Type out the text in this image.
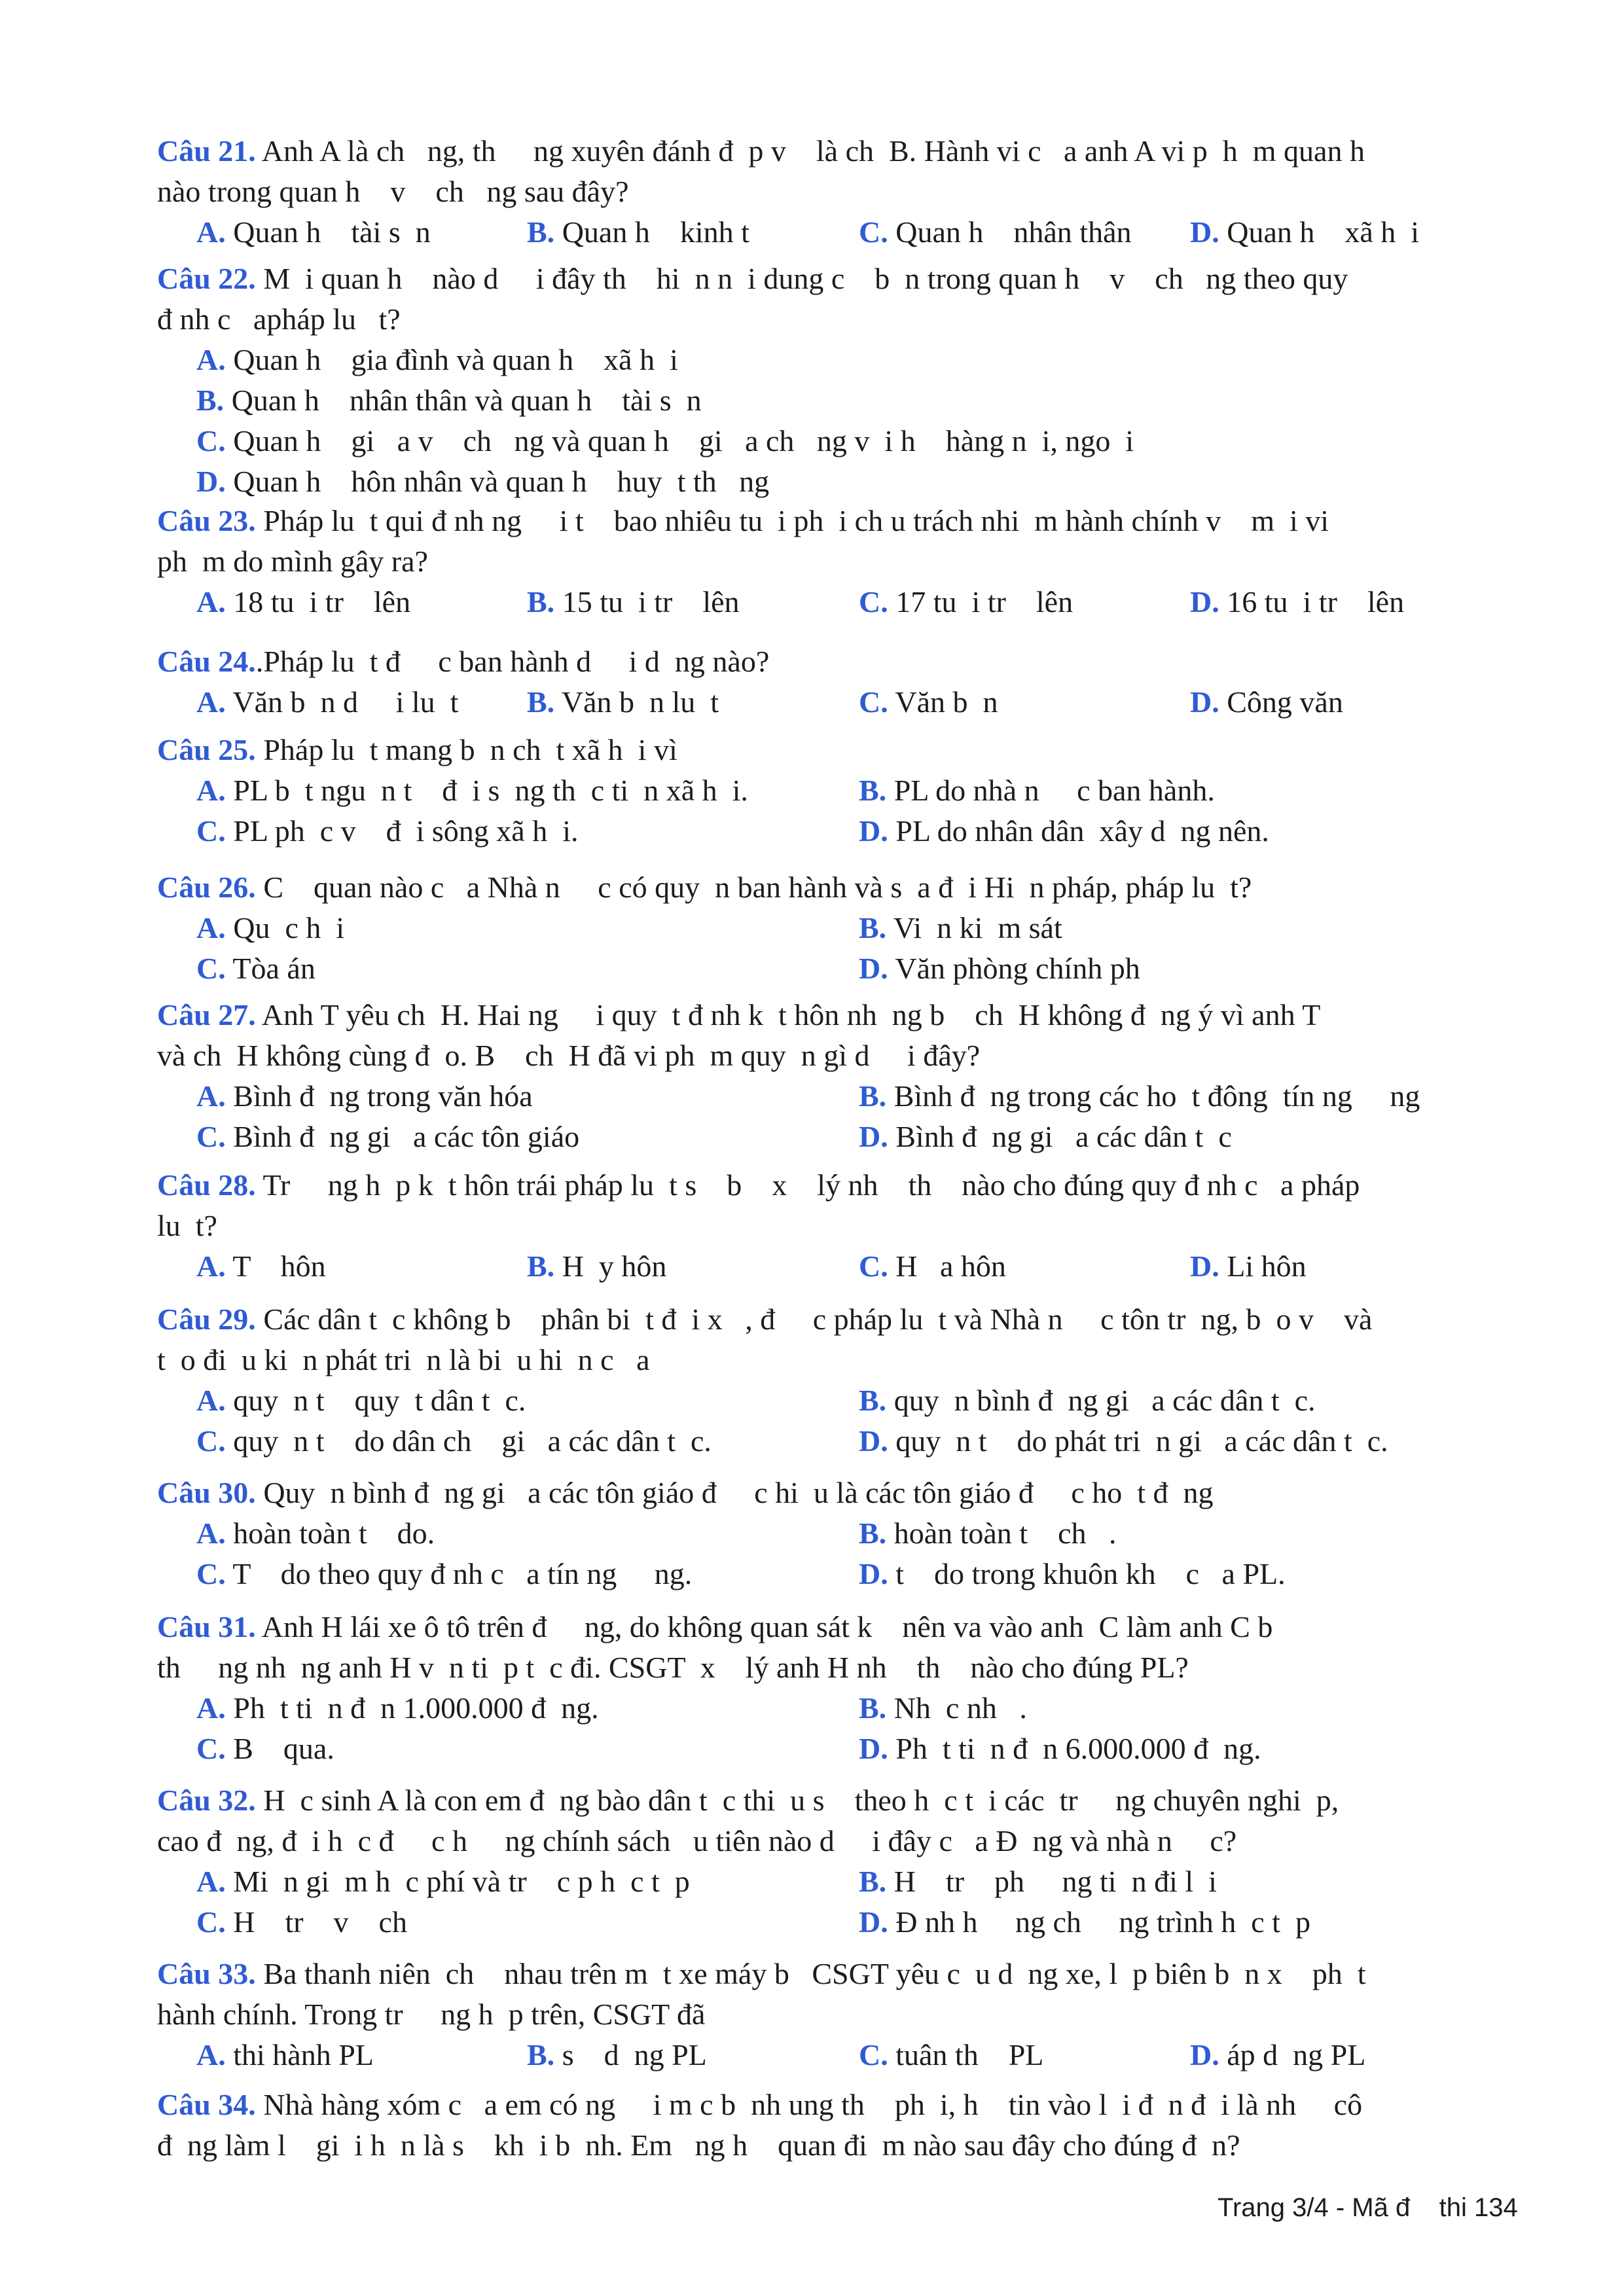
Câu 21. Anh A là ch   ng, th     ng xuyên đánh đ  p v    là ch  B. Hành vi c   a anh A vi p  h  m quan h
nào trong quan h    v    ch   ng sau đây?
A. Quan h    tài s  n	B. Quan h    kinh t	C. Quan h    nhân thân D. Quan h    xã h  i
Câu 22. M  i quan h    nào d     i đây th    hi  n n  i dung c    b  n trong quan h    v    ch   ng theo quy
đ nh c   apháp lu   t?
A. Quan h    gia đình và quan h    xã h  i
B. Quan h    nhân thân và quan h    tài s  n
C. Quan h    gi   a v    ch   ng và quan h    gi   a ch   ng v  i h    hàng n  i, ngo  i
D. Quan h    hôn nhân và quan h    huy  t th   ng
Câu 23. Pháp lu  t qui đ nh ng     i t    bao nhiêu tu  i ph  i ch u trách nhi  m hành chính v    m  i vi
ph  m do mình gây ra?
A. 18 tu  i tr    lên	B. 15 tu  i tr    lên	C. 17 tu  i tr    lên	D. 16 tu  i tr    lên
Câu 24..Pháp lu  t đ     c ban hành d     i d  ng nào?
A. Văn b  n d     i lu  t B. Văn b  n lu  t	C. Văn b  n	D. Công văn
Câu 25. Pháp lu  t mang b  n ch  t xã h  i vì
A. PL b  t ngu  n t    đ  i s  ng th  c ti  n xã h  i.	B. PL do nhà n     c ban hành.
C. PL ph  c v    đ  i sông xã h  i.	D. PL do nhân dân  xây d  ng nên.
Câu 26. C    quan nào c   a Nhà n     c có quy  n ban hành và s  a đ  i Hi  n pháp, pháp lu  t?
A. Qu  c h  i	B. Vi  n ki  m sát
C. Tòa án	D. Văn phòng chính ph
Câu 27. Anh T yêu ch  H. Hai ng     i quy  t đ nh k  t hôn nh  ng b    ch  H không đ  ng ý vì anh T
và ch  H không cùng đ  o. B    ch  H đã vi ph  m quy  n gì d     i đây?
A. Bình đ  ng trong văn hóa	B. Bình đ  ng trong các ho  t đông  tín ng     ng
C. Bình đ  ng gi   a các tôn giáo	D. Bình đ  ng gi   a các dân t  c
Câu 28. Tr     ng h  p k  t hôn trái pháp lu  t s    b    x    lý nh    th    nào cho đúng quy đ nh c   a pháp
lu  t?
A. T    hôn	B. H  y hôn	C. H   a hôn	D. Li hôn
Câu 29. Các dân t  c không b    phân bi  t đ  i x   , đ     c pháp lu  t và Nhà n     c tôn tr  ng, b  o v    và
t  o đi  u ki  n phát tri  n là bi  u hi  n c   a
A. quy  n t    quy  t dân t  c.	B. quy  n bình đ  ng gi   a các dân t  c.
C. quy  n t    do dân ch    gi   a các dân t  c.	D. quy  n t    do phát tri  n gi   a các dân t  c.
Câu 30. Quy  n bình đ  ng gi   a các tôn giáo đ     c hi  u là các tôn giáo đ     c ho  t đ  ng
A. hoàn toàn t    do.	B. hoàn toàn t    ch   .
C. T    do theo quy đ nh c   a tín ng     ng.	D. t    do trong khuôn kh    c   a PL.
Câu 31. Anh H lái xe ô tô trên đ     ng, do không quan sát k    nên va vào anh  C làm anh C b
th     ng nh  ng anh H v  n ti  p t  c đi. CSGT  x    lý anh H nh    th    nào cho đúng PL?
A. Ph  t ti  n đ  n 1.000.000 đ  ng.	B. Nh  c nh   .
C. B    qua.	D. Ph  t ti  n đ  n 6.000.000 đ  ng.
Câu 32. H  c sinh A là con em đ  ng bào dân t  c thi  u s    theo h  c t  i các  tr     ng chuyên nghi  p,
cao đ  ng, đ  i h  c đ     c h     ng chính sách   u tiên nào d     i đây c   a Đ  ng và nhà n     c?
A. Mi  n gi  m h  c phí và tr    c p h  c t  p	B. H    tr    ph     ng ti  n đi l  i
C. H    tr    v    ch	D. Đ nh h     ng ch     ng trình h  c t  p
Câu 33. Ba thanh niên  ch    nhau trên m  t xe máy b   CSGT yêu c  u d  ng xe, l  p biên b  n x    ph  t
hành chính. Trong tr     ng h  p trên, CSGT đã
A. thi hành PL	B. s    d  ng PL	C. tuân th    PL	D. áp d  ng PL
Câu 34. Nhà hàng xóm c   a em có ng     i m c b  nh ung th    ph  i, h    tin vào l  i đ  n đ  i là nh     cô
đ  ng làm l    gi  i h  n là s    kh  i b  nh. Em   ng h    quan đi  m nào sau đây cho đúng đ  n?
Trang 3/4 - Mã đ    thi 134
